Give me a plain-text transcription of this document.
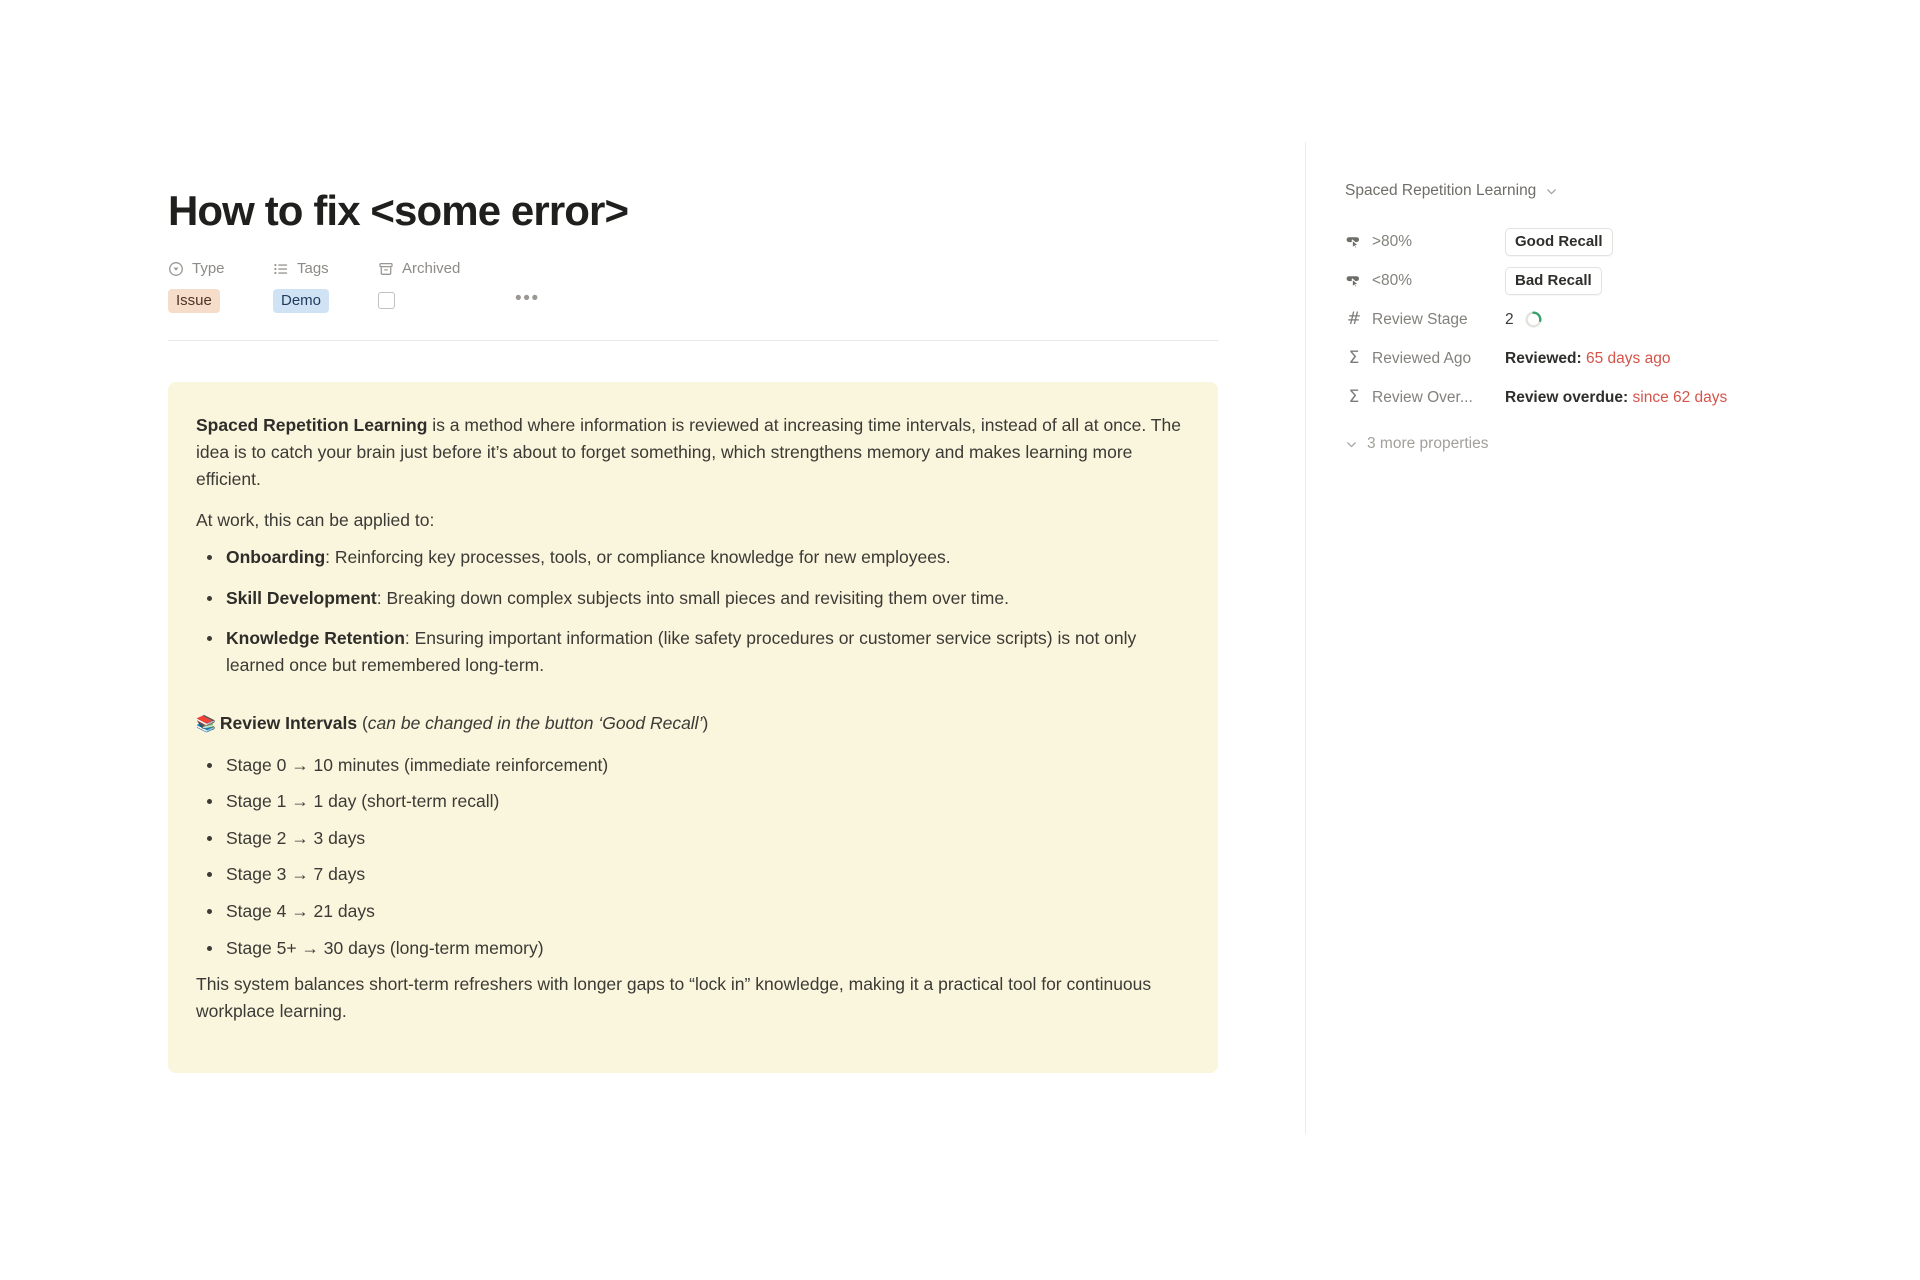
How to fix <some error>
Type	Tags	Archived
Issue	Demo	•••

Spaced Repetition Learning is a method where information is reviewed at increasing time intervals, instead of all at once. The idea is to catch your brain just before it’s about to forget something, which strengthens memory and makes learning more efficient.

At work, this can be applied to:

Onboarding: Reinforcing key processes, tools, or compliance knowledge for new employees.
Skill Development: Breaking down complex subjects into small pieces and revisiting them over time.
Knowledge Retention: Ensuring important information (like safety procedures or customer service scripts) is not only learned once but remembered long-term.

📚 Review Intervals (can be changed in the button ‘Good Recall’)

Stage 0 → 10 minutes (immediate reinforcement)
Stage 1 → 1 day (short-term recall)
Stage 2 → 3 days
Stage 3 → 7 days
Stage 4 → 21 days
Stage 5+ → 30 days (long-term memory)

This system balances short-term refreshers with longer gaps to “lock in” knowledge, making it a practical tool for continuous workplace learning.

Spaced Repetition Learning
>80%	Good Recall
<80%	Bad Recall
# Review Stage 2
Σ Reviewed Ago Reviewed: 65 days ago
Σ Review Over... Review overdue: since 62 days
3 more properties
